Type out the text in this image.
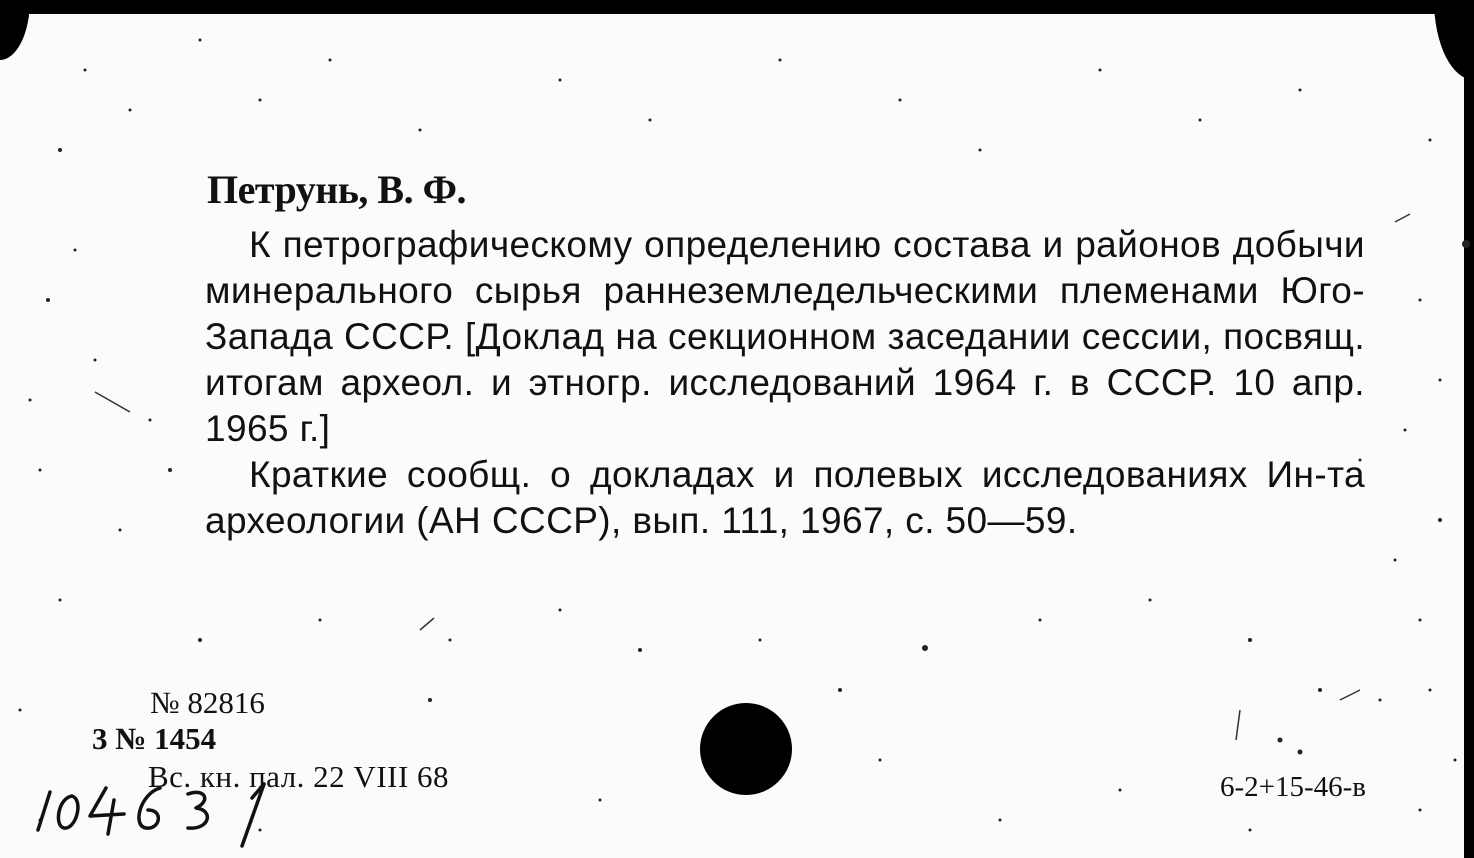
Петрунь, В. Ф.

К петрографическому определению состава и районов добычи минерального сырья раннеземледельческими племенами Юго-Запада СССР. [Доклад на секционном заседании сессии, посвящ. итогам археол. и этногр. исследований 1964 г. в СССР. 10 апр. 1965 г.]

Краткие сообщ. о докладах и полевых исследованиях Ин-та археологии (АН СССР), вып. 111, 1967, с. 50—59.

№ 82816
3 № 1454
Вс. кн. пал. 22 VIII 68	6-2+15-46-в
